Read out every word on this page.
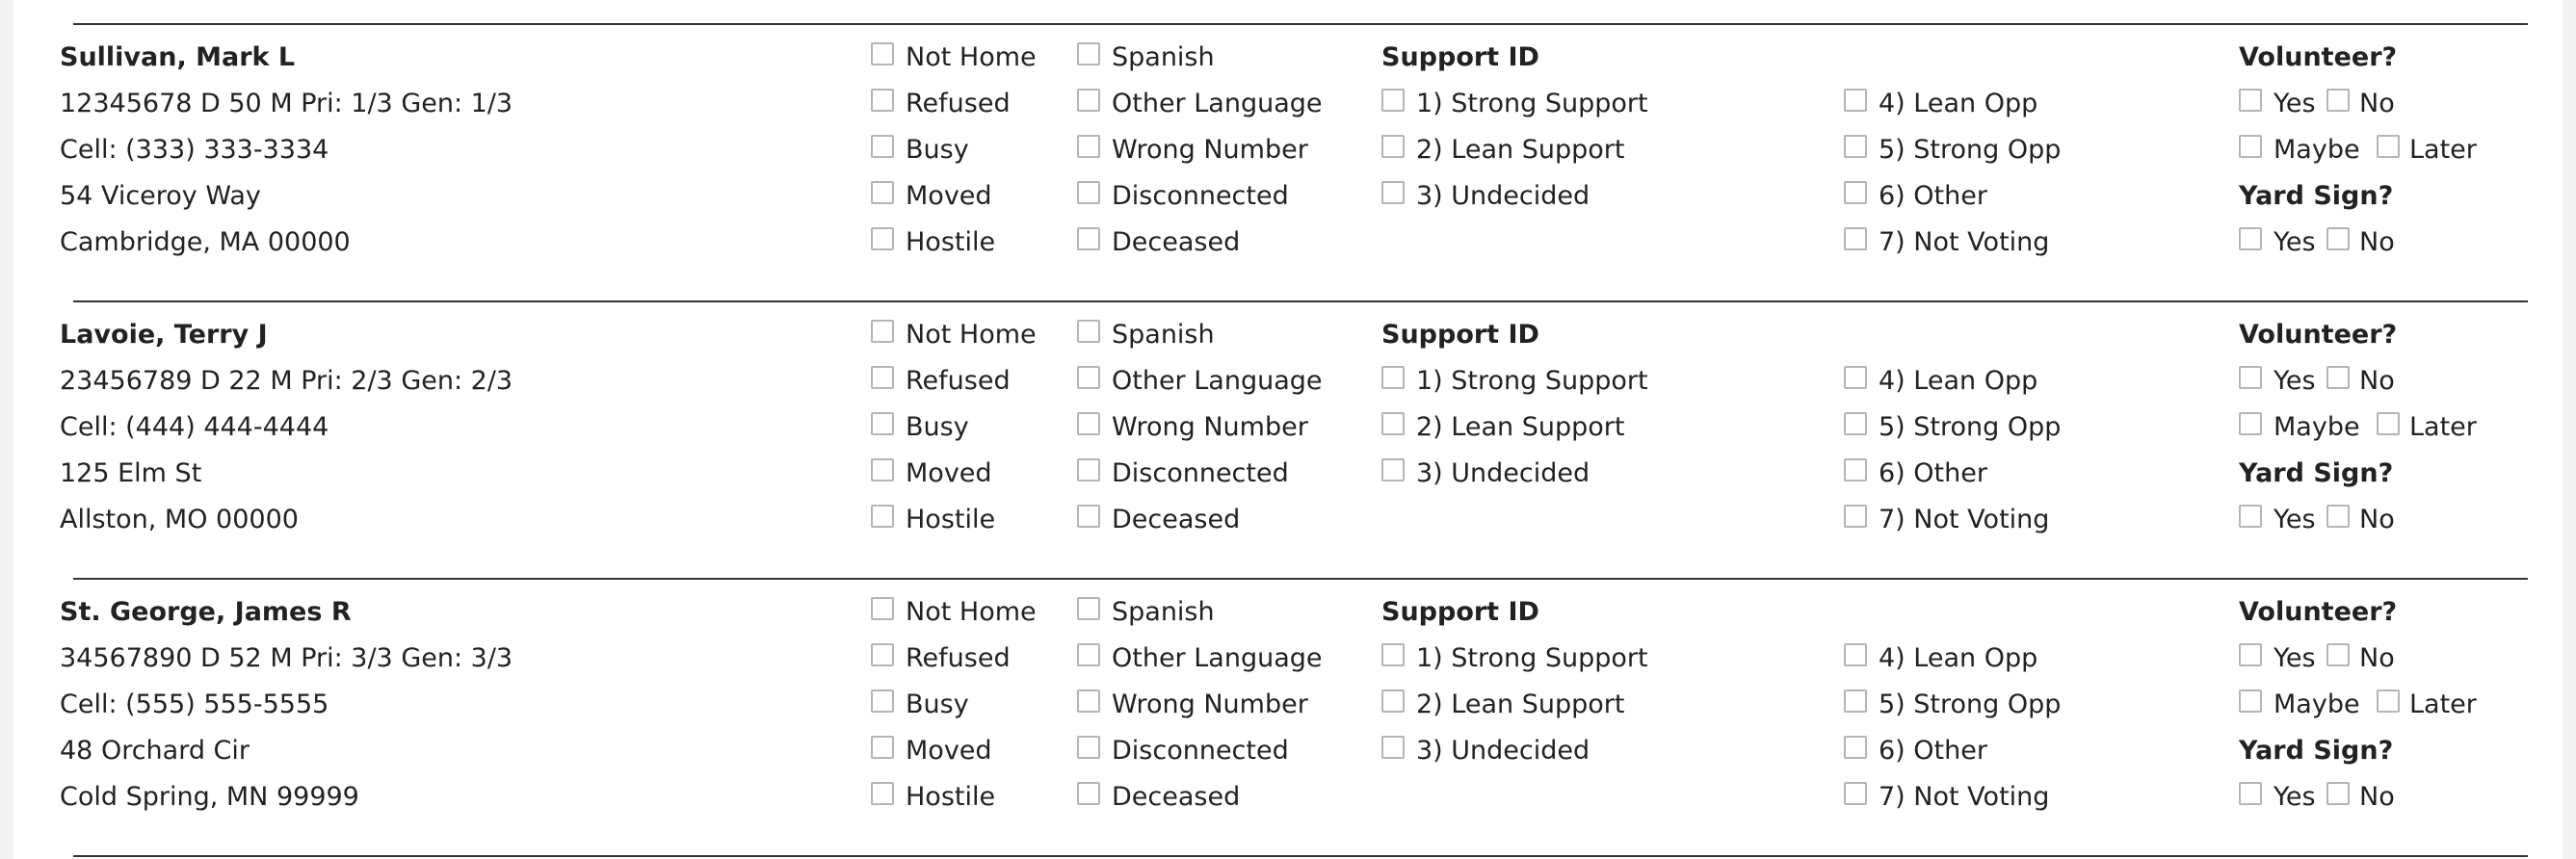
Sullivan, Mark L
12345678 D 50 M Pri: 1/3 Gen: 1/3
Cell: (333) 333-3334
54 Viceroy Way
Cambridge, MA 00000
Not Home
Refused
Busy
Moved
Hostile
Spanish
Other Language
Wrong Number
Disconnected
Deceased
Support ID
1) Strong Support
2) Lean Support
3) Undecided
4) Lean Opp
5) Strong Opp
6) Other
7) Not Voting
Volunteer?
Yes No
Maybe Later
Yard Sign?
Yes No
Lavoie, Terry J
23456789 D 22 M Pri: 2/3 Gen: 2/3
Cell: (444) 444-4444
125 Elm St
Allston, MO 00000
Not Home
Refused
Busy
Moved
Hostile
Spanish
Other Language
Wrong Number
Disconnected
Deceased
Support ID
1) Strong Support
2) Lean Support
3) Undecided
4) Lean Opp
5) Strong Opp
6) Other
7) Not Voting
Volunteer?
Yes No
Maybe Later
Yard Sign?
Yes No
St. George, James R
34567890 D 52 M Pri: 3/3 Gen: 3/3
Cell: (555) 555-5555
48 Orchard Cir
Cold Spring, MN 99999
Not Home
Refused
Busy
Moved
Hostile
Spanish
Other Language
Wrong Number
Disconnected
Deceased
Support ID
1) Strong Support
2) Lean Support
3) Undecided
4) Lean Opp
5) Strong Opp
6) Other
7) Not Voting
Volunteer?
Yes No
Maybe Later
Yard Sign?
Yes No
